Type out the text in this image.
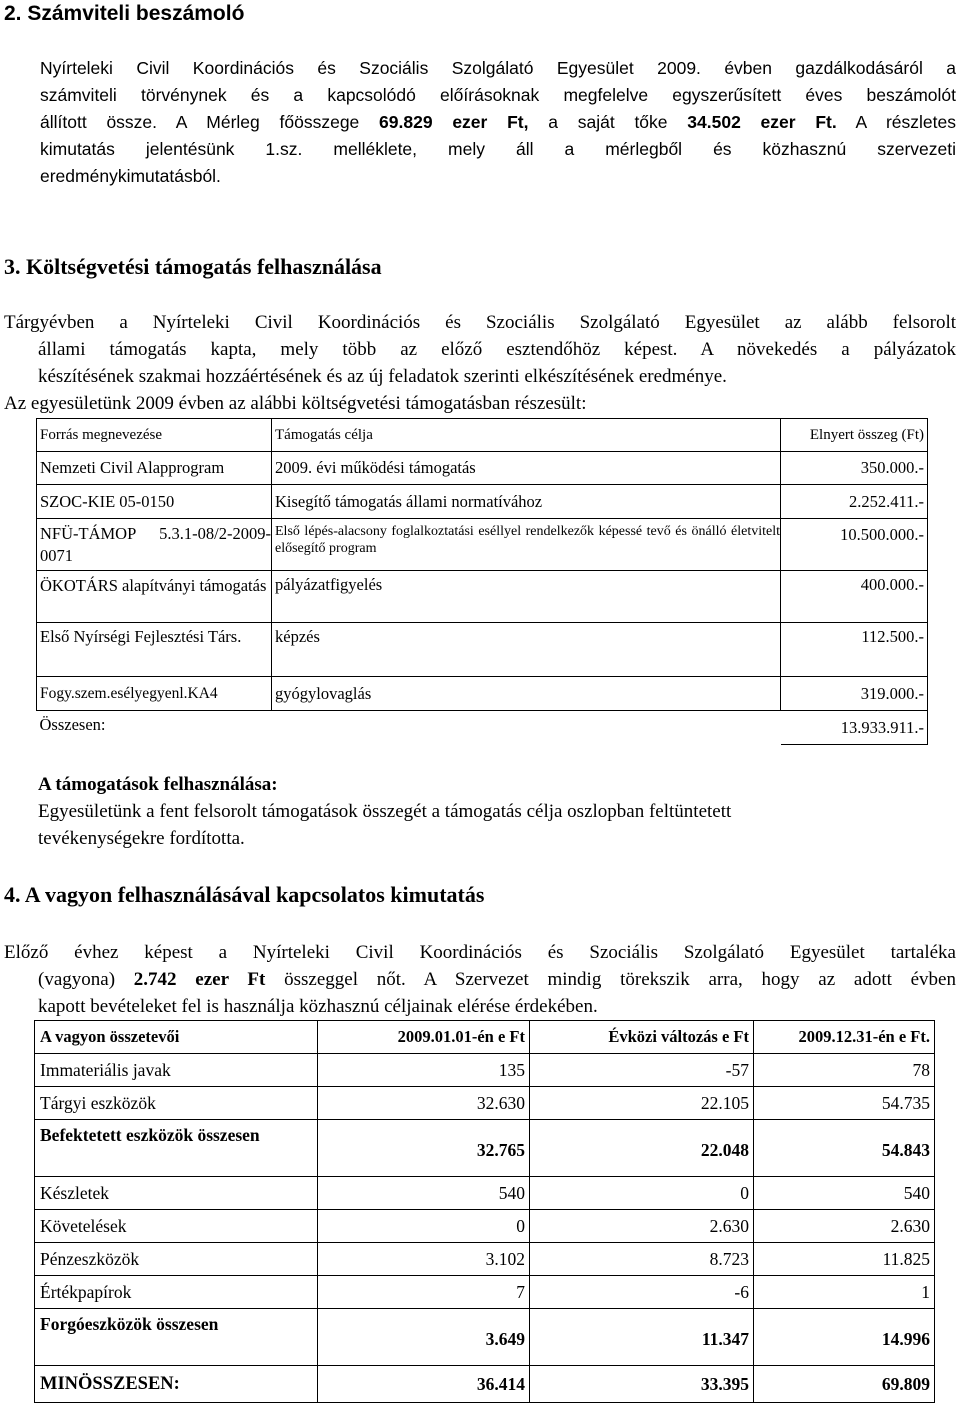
2. Számviteli beszámoló
Nyírteleki Civil Koordinációs és Szociális Szolgálató Egyesület 2009. évben gazdálkodásáról a
számviteli törvénynek és a kapcsolódó előírásoknak megfelelve egyszerűsített éves beszámolót
állított össze. A Mérleg főösszege 69.829 ezer Ft, a saját tőke 34.502 ezer Ft. A részletes
kimutatás jelentésünk 1.sz. melléklete, mely áll a mérlegből és közhasznú szervezeti
eredménykimutatásból.
3. Költségvetési támogatás felhasználása
Tárgyévben a Nyírteleki Civil Koordinációs és Szociális Szolgálató Egyesület az alább felsorolt
állami támogatás kapta, mely több az előző esztendőhöz képest. A növekedés a pályázatok
készítésének szakmai hozzáértésének és az új feladatok szerinti elkészítésének eredménye.
Az egyesületünk 2009 évben az alábbi költségvetési támogatásban részesült:
Forrás megnevezése	Támogatás célja	Elnyert összeg (Ft)
Nemzeti Civil Alapprogram	2009. évi működési támogatás	350.000.-
SZOC-KIE 05-0150	Kisegítő támogatás állami normatívához	2.252.411.-
NFÜ-TÁMOP 5.3.1-08/2-2009-0071	Első lépés-alacsony foglalkoztatási eséllyel rendelkezők képessé tevő és önálló életvitelt elősegítő program	10.500.000.-
ÖKOTÁRS alapítványi támogatás	pályázatfigyelés	400.000.-
Első Nyírségi Fejlesztési Társ.	képzés	112.500.-
Fogy.szem.esélyegyenl.KA4	gyógylovaglás	319.000.-
Összesen:		13.933.911.-
A támogatások felhasználása:
Egyesületünk a fent felsorolt támogatások összegét a támogatás célja oszlopban feltüntetett
tevékenységekre fordította.
4. A vagyon felhasználásával kapcsolatos kimutatás
Előző évhez képest a Nyírteleki Civil Koordinációs és Szociális Szolgálató Egyesület tartaléka
(vagyona) 2.742 ezer Ft összeggel nőt. A Szervezet mindig törekszik arra, hogy az adott évben
kapott bevételeket fel is használja közhasznú céljainak elérése érdekében.
A vagyon összetevői	2009.01.01-én e Ft	Évközi változás e Ft	2009.12.31-én e Ft.
Immateriális javak	135	-57	78
Tárgyi eszközök	32.630	22.105	54.735
Befektetett eszközök összesen	32.765	22.048	54.843
Készletek	540	0	540
Követelések	0	2.630	2.630
Pénzeszközök	3.102	8.723	11.825
Értékpapírok	7	-6	1
Forgóeszközök összesen	3.649	11.347	14.996
MINÖSSZESEN:	36.414	33.395	69.809
